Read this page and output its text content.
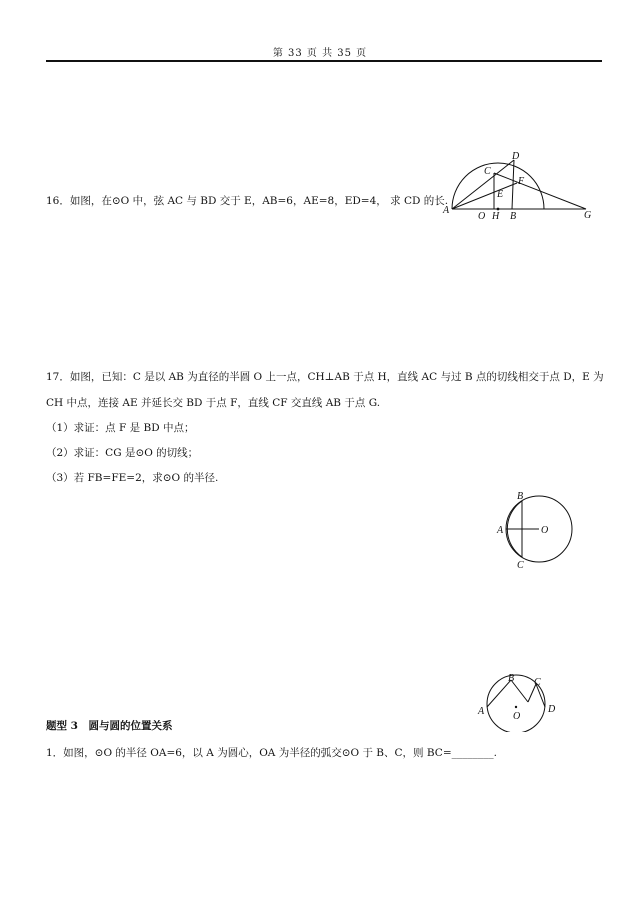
第 33 页 共 35 页
16．如图，在⊙O 中，弦 AC 与 BD 交于 E，AB=6，AE=8，ED=4， 求 CD 的长.
A
O H B	G
C
E
F
D
17．如图，已知：C 是以 AB 为直径的半圆 O 上一点，CH⊥AB 于点 H，直线 AC 与过 B 点的切线相交于点 D，E 为
CH 中点，连接 AE 并延长交 BD 于点 F，直线 CF 交直线 AB 于点 G.
（1）求证：点 F 是 BD 中点；
（2）求证：CG 是⊙O 的切线；
（3）若 FB=FE=2，求⊙O 的半径.
B
A	O
C
题型 3　圆与圆的位置关系
1．如图，⊙O 的半径 OA=6，以 A 为圆心，OA 为半径的弧交⊙O 于 B、C，则 BC=________.
A
B C
D
O
